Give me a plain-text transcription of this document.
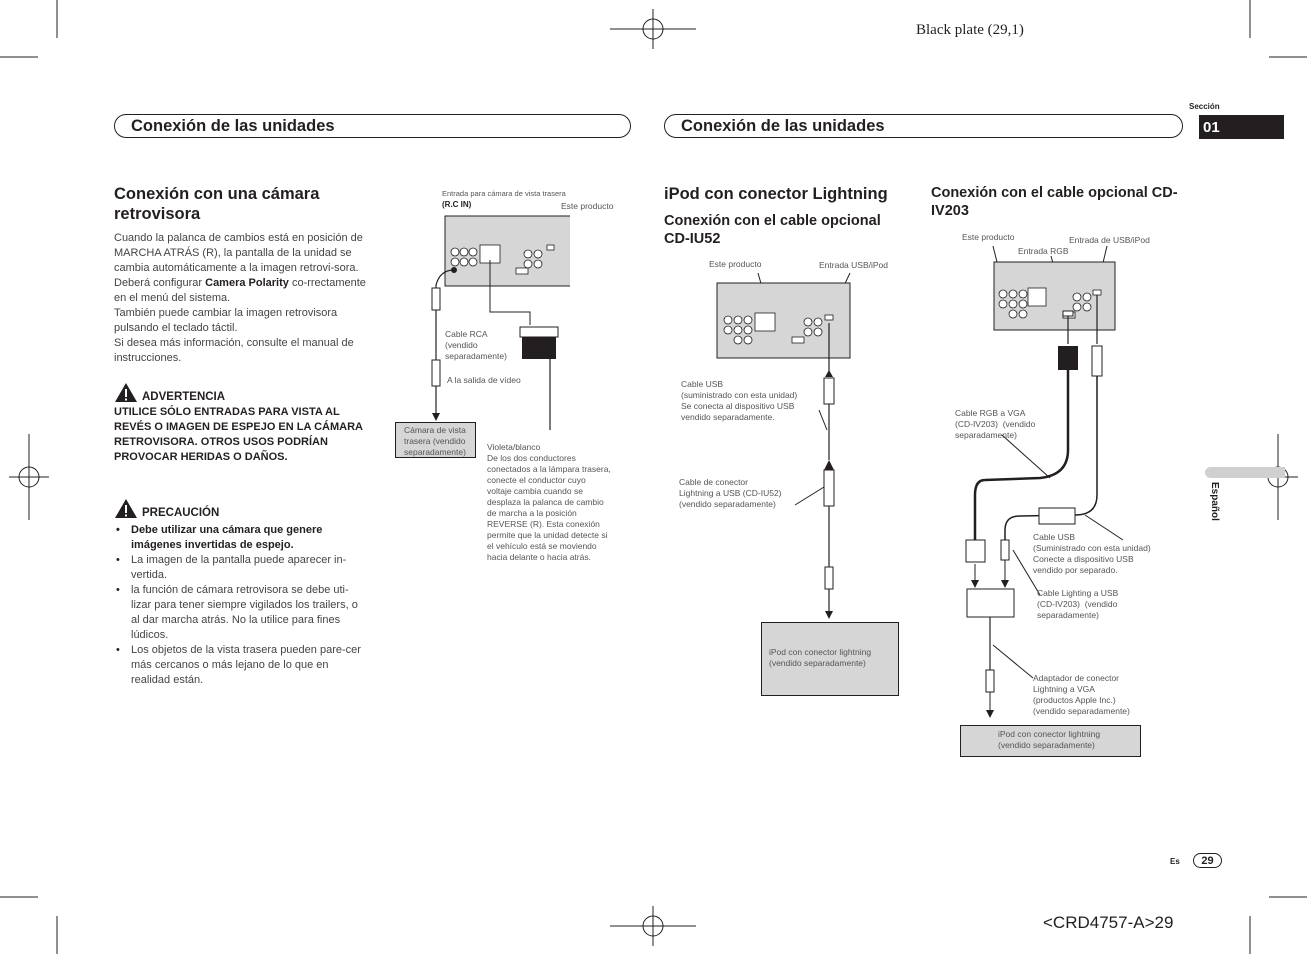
Black plate (29,1)
Sección
01
Conexión de las unidades	Conexión de las unidades
Conexión con una cámara retrovisora
Cuando la palanca de cambios está en posición de MARCHA ATRÁS (R), la pantalla de la unidad se cambia automáticamente a la imagen retrovi-sora. Deberá configurar Camera Polarity co-rrectamente en el menú del sistema.
También puede cambiar la imagen retrovisora pulsando el teclado táctil.
Si desea más información, consulte el manual de instrucciones.
ADVERTENCIA
UTILICE SÓLO ENTRADAS PARA VISTA AL REVÉS O IMAGEN DE ESPEJO EN LA CÁMARA RETROVISORA. OTROS USOS PODRÍAN PROVOCAR HERIDAS O DAÑOS.
PRECAUCIÓN
• Debe utilizar una cámara que genere imágenes invertidas de espejo.
• La imagen de la pantalla puede aparecer in-vertida.
• la función de cámara retrovisora se debe uti-lizar para tener siempre vigilados los trailers, o al dar marcha atrás. No la utilice para fines lúdicos.
• Los objetos de la vista trasera pueden pare-cer más cercanos o más lejano de lo que en realidad están.
Entrada para cámara de vista trasera
(R.C IN)	Este producto
Cable RCA
(vendido
separadamente)
A la salida de vídeo
Cámara de vista
trasera (vendido
separadamente)	Violeta/blanco
De los dos conductores
conectados a la lámpara trasera,
conecte el conductor cuyo
voltaje cambia cuando se
desplaza la palanca de cambio
de marcha a la posición
REVERSE (R). Esta conexión
permite que la unidad detecte si
el vehículo está se moviendo
hacia delante o hacia atrás.
iPod con conector Lightning
Conexión con el cable opcional CD-IU52
Conexión con el cable opcional CD-IV203
Este producto	Entrada USB/iPod
Cable USB
(suministrado con esta unidad)
Se conecta al dispositivo USB
vendido separadamente.
Cable de conector
Lightning a USB (CD-IU52)
(vendido separadamente)
iPod con conector lightning
(vendido separadamente)
Este producto
Entrada RGB
Entrada de USB/iPod
Cable RGB a VGA
(CD-IV203)  (vendido
separadamente)
Cable USB
(Suministrado con esta unidad)
Conecte a dispositivo USB
vendido por separado.
Cable Lighting a USB
(CD-IV203)  (vendido
separadamente)
Adaptador de conector
Lightning a VGA
(productos Apple Inc.)
(vendido separadamente)
iPod con conector lightning
(vendido separadamente)
Español
Es	29
<CRD4757-A>29
